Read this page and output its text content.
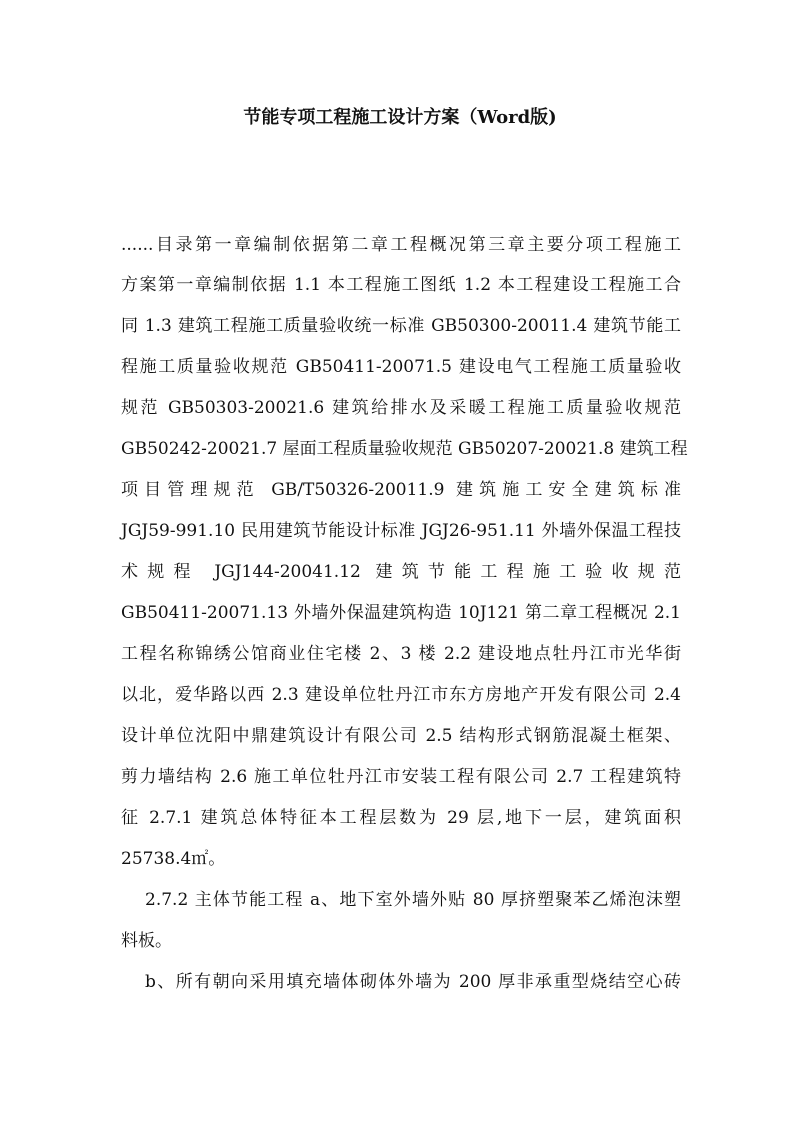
节能专项工程施工设计方案（Word版)
......目录第一章编制依据第二章工程概况第三章主要分项工程施工
方案第一章编制依据 1.1 本工程施工图纸 1.2 本工程建设工程施工合
同 1.3 建筑工程施工质量验收统一标准 GB50300-20011.4 建筑节能工
程施工质量验收规范 GB50411-20071.5 建设电气工程施工质量验收
规范 GB50303-20021.6 建筑给排水及采暖工程施工质量验收规范
GB50242-20021.7 屋面工程质量验收规范 GB50207-20021.8 建筑工程
项目管理规范 GB/T50326-20011.9 建筑施工安全建筑标准
JGJ59-991.10 民用建筑节能设计标准 JGJ26-951.11 外墙外保温工程技
术规程 JGJ144-20041.12 建筑节能工程施工验收规范
GB50411-20071.13 外墙外保温建筑构造 10J121 第二章工程概况 2.1
工程名称锦绣公馆商业住宅楼 2、3 楼 2.2 建设地点牡丹江市光华街
以北，爱华路以西 2.3 建设单位牡丹江市东方房地产开发有限公司 2.4
设计单位沈阳中鼎建筑设计有限公司 2.5 结构形式钢筋混凝土框架、
剪力墙结构 2.6 施工单位牡丹江市安装工程有限公司 2.7 工程建筑特
征 2.7.1 建筑总体特征本工程层数为 29 层,地下一层，建筑面积
25738.4㎡。
2.7.2 主体节能工程 a、地下室外墙外贴 80 厚挤塑聚苯乙烯泡沫塑
料板。
b、所有朝向采用填充墙体砌体外墙为 200 厚非承重型烧结空心砖
